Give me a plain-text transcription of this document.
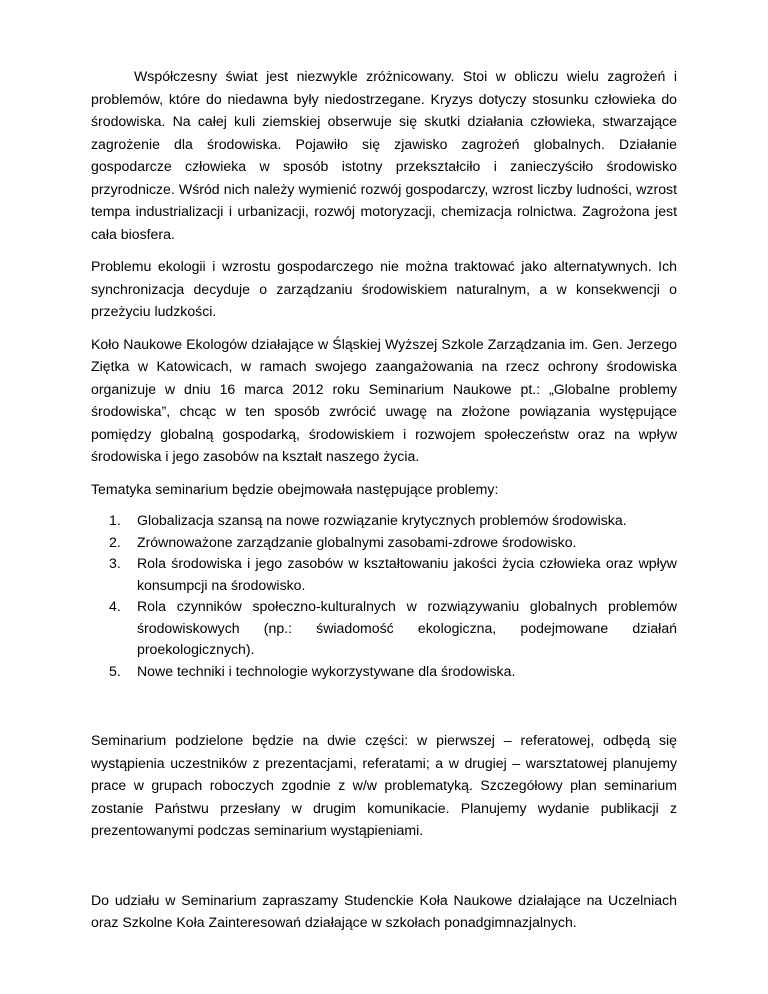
Współczesny świat jest niezwykle zróżnicowany. Stoi w obliczu wielu zagrożeń i problemów, które do niedawna były niedostrzegane. Kryzys dotyczy stosunku człowieka do środowiska. Na całej kuli ziemskiej obserwuje się skutki działania człowieka, stwarzające zagrożenie dla środowiska. Pojawiło się zjawisko zagrożeń globalnych. Działanie gospodarcze człowieka w sposób istotny przekształciło i zanieczyściło środowisko przyrodnicze. Wśród nich należy wymienić rozwój gospodarczy, wzrost liczby ludności, wzrost tempa industrializacji i urbanizacji, rozwój motoryzacji, chemizacja rolnictwa. Zagrożona jest cała biosfera.

Problemu ekologii i wzrostu gospodarczego nie można traktować jako alternatywnych. Ich synchronizacja decyduje o zarządzaniu środowiskiem naturalnym, a w konsekwencji o przeżyciu ludzkości.

Koło Naukowe Ekologów działające w Śląskiej Wyższej Szkole Zarządzania im. Gen. Jerzego Ziętka w Katowicach, w ramach swojego zaangażowania na rzecz ochrony środowiska organizuje w dniu 16 marca 2012 roku Seminarium Naukowe pt.: „Globalne problemy środowiska”, chcąc w ten sposób zwrócić uwagę na złożone powiązania występujące pomiędzy globalną gospodarką, środowiskiem i rozwojem społeczeństw oraz na wpływ środowiska i jego zasobów na kształt naszego życia.

Tematyka seminarium będzie obejmowała następujące problemy:

1. Globalizacja szansą na nowe rozwiązanie krytycznych problemów środowiska.
2. Zrównoważone zarządzanie globalnymi zasobami-zdrowe środowisko.
3. Rola środowiska i jego zasobów w kształtowaniu jakości życia człowieka oraz wpływ konsumpcji na środowisko.
4. Rola czynników społeczno-kulturalnych w rozwiązywaniu globalnych problemów środowiskowych (np.: świadomość ekologiczna, podejmowane działań proekologicznych).
5. Nowe techniki i technologie wykorzystywane dla środowiska.

Seminarium podzielone będzie na dwie części: w pierwszej – referatowej, odbędą się wystąpienia uczestników z prezentacjami, referatami; a w drugiej – warsztatowej planujemy prace w grupach roboczych zgodnie z w/w problematyką. Szczegółowy plan seminarium zostanie Państwu przesłany w drugim komunikacie. Planujemy wydanie publikacji z prezentowanymi podczas seminarium wystąpieniami.

Do udziału w Seminarium zapraszamy Studenckie Koła Naukowe działające na Uczelniach oraz Szkolne Koła Zainteresowań działające w szkołach ponadgimnazjalnych.
